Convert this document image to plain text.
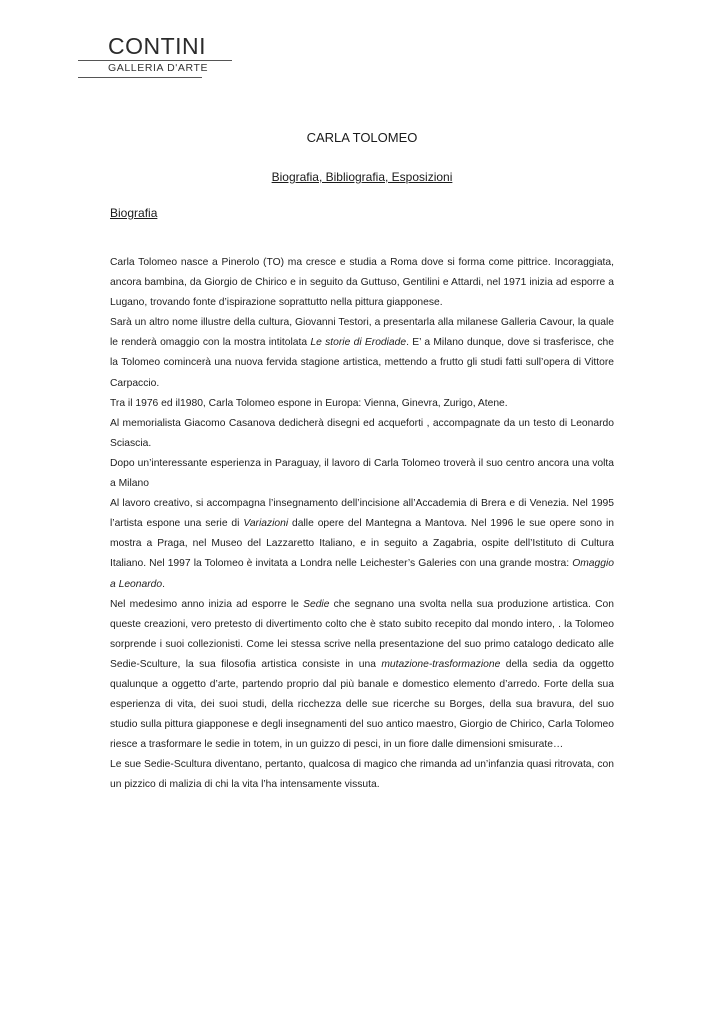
CONTINI
GALLERIA D'ARTE
CARLA TOLOMEO
Biografia, Bibliografia, Esposizioni
Biografia

Carla Tolomeo nasce a Pinerolo (TO) ma cresce e studia a Roma dove si forma come pittrice. Incoraggiata, ancora bambina, da Giorgio de Chirico e in seguito da Guttuso, Gentilini e Attardi, nel 1971 inizia ad esporre a Lugano, trovando fonte d’ispirazione soprattutto nella pittura giapponese.

Sarà un altro nome illustre della cultura, Giovanni Testori, a presentarla alla milanese Galleria Cavour, la quale le renderà omaggio con la mostra intitolata Le storie di Erodiade. E’ a Milano dunque, dove si trasferisce, che la Tolomeo comincerà una nuova fervida stagione artistica, mettendo a frutto gli studi fatti sull’opera di Vittore Carpaccio.

Tra il 1976 ed il1980, Carla Tolomeo espone in Europa: Vienna, Ginevra, Zurigo, Atene.

Al memorialista Giacomo Casanova dedicherà disegni ed acqueforti , accompagnate da un testo di Leonardo Sciascia.

Dopo un’interessante esperienza in Paraguay, il lavoro di Carla Tolomeo troverà il suo centro ancora una volta a Milano

Al lavoro creativo, si accompagna l’insegnamento dell’incisione all’Accademia di Brera e di Venezia. Nel 1995 l’artista espone una serie di Variazioni dalle opere del Mantegna a Mantova. Nel 1996 le sue opere sono in mostra a Praga, nel Museo del Lazzaretto Italiano, e in seguito a Zagabria, ospite dell’Istituto di Cultura Italiano. Nel 1997 la Tolomeo è invitata a Londra nelle Leichester’s Galeries con una grande mostra: Omaggio a Leonardo.

Nel medesimo anno inizia ad esporre le Sedie che segnano una svolta nella sua produzione artistica. Con queste creazioni, vero pretesto di divertimento colto che è stato subito recepito dal mondo intero, . la Tolomeo sorprende i suoi collezionisti. Come lei stessa scrive nella presentazione del suo primo catalogo dedicato alle Sedie-Sculture, la sua filosofia artistica consiste in una mutazione-trasformazione della sedia da oggetto qualunque a oggetto d’arte, partendo proprio dal più banale e domestico elemento d’arredo. Forte della sua esperienza di vita, dei suoi studi, della ricchezza delle sue ricerche su Borges, della sua bravura, del suo studio sulla pittura giapponese e degli insegnamenti del suo antico maestro, Giorgio de Chirico, Carla Tolomeo riesce a trasformare le sedie in totem, in un guizzo di pesci, in un fiore dalle dimensioni smisurate…

Le sue Sedie-Scultura diventano, pertanto, qualcosa di magico che rimanda ad un’infanzia quasi ritrovata, con un pizzico di malizia di chi la vita l’ha intensamente vissuta.
